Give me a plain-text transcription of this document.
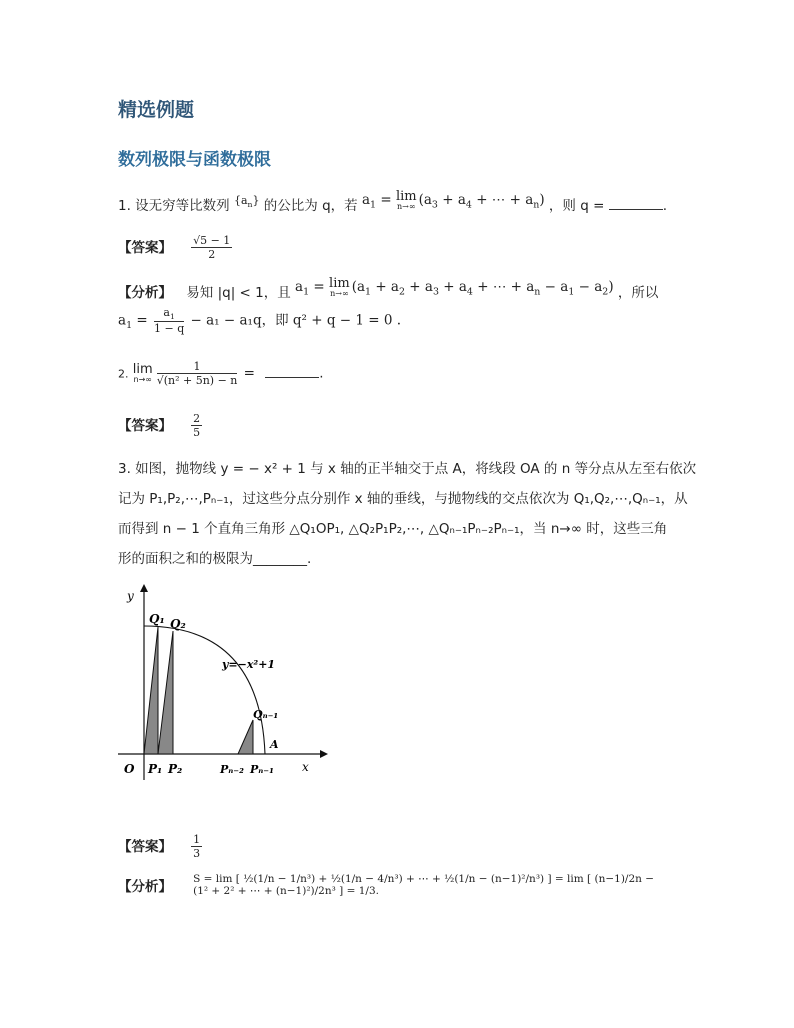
精选例题
数列极限与函数极限
1. 设无穷等比数列 $^{\{a_n\}}$ 的公比为 q，若 $a_1 = \lim$
n→∞ ($a_3 + a_4$ + ⋯ + $a_n$) ，则 q =	.
【答案】 $\frac{√5 - 1}{2}$
【分析】 易知 |q| < 1，且 $a_1 = \lim$
n→∞ ($a_1 + a_2 + a_3 + a_4$ + ⋯ + $a_n - a_1 - a_2$) ，所以
$a_1 = \frac{a_1}{1 - q} - a_1 - a_1q$，即 q² + q − 1 = 0 .
2. lim
$n\to\infty \frac{1}{\text{√(n² + 5n) − n}}$ =	.
【答案】 $\frac{2}{5}$
3. 如图，抛物线 y = − x² + 1 与 x 轴的正半轴交于点 A，将线段 OA 的 n 等分点从左至右依次
记为 P₁,P₂,⋯,Pₙ₋₁，过这些分点分别作 x 轴的垂线，与抛物线的交点依次为 Q₁,Q₂,⋯,Qₙ₋₁，从
而得到 n − 1 个直角三角形 △Q₁OP₁, △Q₂P₁P₂,⋯, △Qₙ₋₁Pₙ₋₂Pₙ₋₁，当 n→∞ 时，这些三角
形的面积之和的极限为________.
y
x
O
Q₁ Q₂
y=−x²+1
Qₙ₋₁
A
P₁ P₂	Pₙ₋₂ Pₙ₋₁
【答案】 $\frac{1}{3}$
【分析】 S = lim [ ½(1/n − 1/n³) + ½(1/n − 4/n³) + ⋯ + ½(1/n − (n−1)²/n³) ] = lim [ (n−1)/2n − (1² + 2² + ⋯ + (n−1)²)/2n³ ] = 1/3.
